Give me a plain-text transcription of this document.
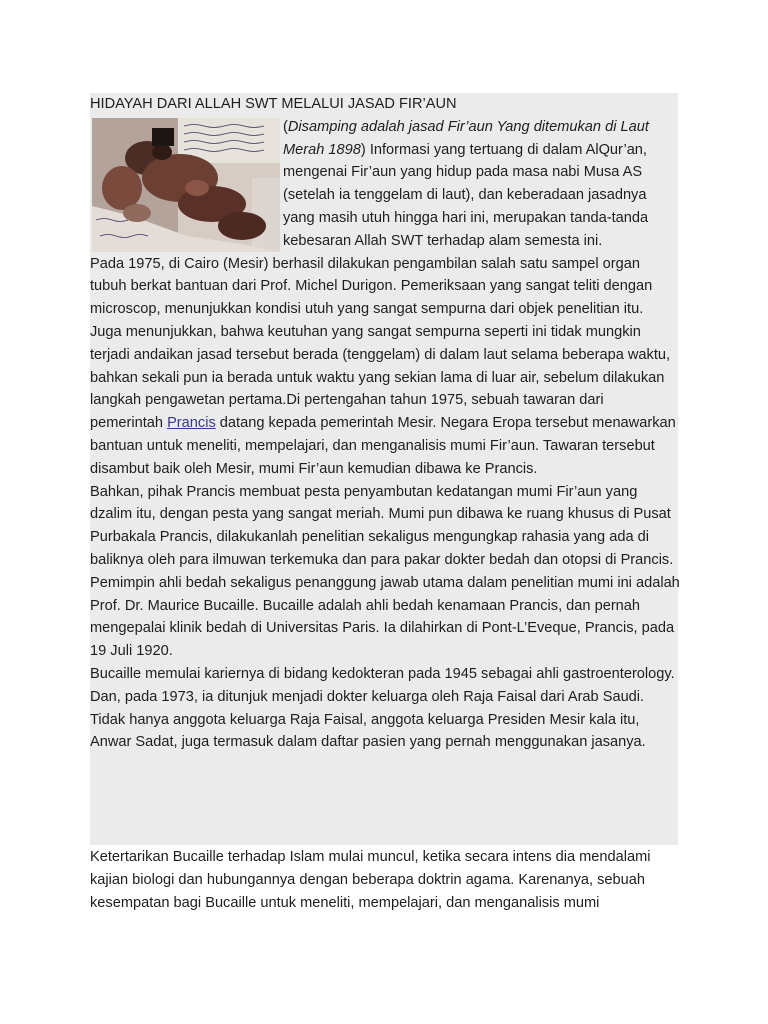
HIDAYAH DARI ALLAH SWT MELALUI JASAD FIR’AUN
(Disamping adalah jasad Fir’aun Yang ditemukan di Laut Merah 1898) Informasi yang tertuang di dalam AlQur’an, mengenai Fir’aun yang hidup pada masa nabi Musa AS (setelah ia tenggelam di laut), dan keberadaan jasadnya yang masih utuh hingga hari ini, merupakan tanda-tanda kebesaran Allah SWT terhadap alam semesta ini.
Pada 1975, di Cairo (Mesir) berhasil dilakukan pengambilan salah satu sampel organ tubuh berkat bantuan dari Prof. Michel Durigon. Pemeriksaan yang sangat teliti dengan microscop, menunjukkan kondisi utuh yang sangat sempurna dari objek penelitian itu.
Juga menunjukkan, bahwa keutuhan yang sangat sempurna seperti ini tidak mungkin terjadi andaikan jasad tersebut berada (tenggelam) di dalam laut selama beberapa waktu, bahkan sekali pun ia berada untuk waktu yang sekian lama di luar air, sebelum dilakukan langkah pengawetan pertama.Di pertengahan tahun 1975, sebuah tawaran dari pemerintah Prancis datang kepada pemerintah Mesir. Negara Eropa tersebut menawarkan bantuan untuk meneliti, mempelajari, dan menganalisis mumi Fir’aun. Tawaran tersebut disambut baik oleh Mesir, mumi Fir’aun kemudian dibawa ke Prancis.
Bahkan, pihak Prancis membuat pesta penyambutan kedatangan mumi Fir’aun yang dzalim itu, dengan pesta yang sangat meriah. Mumi pun dibawa ke ruang khusus di Pusat Purbakala Prancis, dilakukanlah penelitian sekaligus mengungkap rahasia yang ada di baliknya oleh para ilmuwan terkemuka dan para pakar dokter bedah dan otopsi di Prancis.
Pemimpin ahli bedah sekaligus penanggung jawab utama dalam penelitian mumi ini adalah Prof. Dr. Maurice Bucaille. Bucaille adalah ahli bedah kenamaan Prancis, dan pernah mengepalai klinik bedah di Universitas Paris. Ia dilahirkan di Pont-L’Eveque, Prancis, pada 19 Juli 1920.
Bucaille memulai kariernya di bidang kedokteran pada 1945 sebagai ahli gastroenterology. Dan, pada 1973, ia ditunjuk menjadi dokter keluarga oleh Raja Faisal dari Arab Saudi. Tidak hanya anggota keluarga Raja Faisal, anggota keluarga Presiden Mesir kala itu, Anwar Sadat, juga termasuk dalam daftar pasien yang pernah menggunakan jasanya.
Ketertarikan Bucaille terhadap Islam mulai muncul, ketika secara intens dia mendalami kajian biologi dan hubungannya dengan beberapa doktrin agama. Karenanya, sebuah kesempatan bagi Bucaille untuk meneliti, mempelajari, dan menganalisis mumi
